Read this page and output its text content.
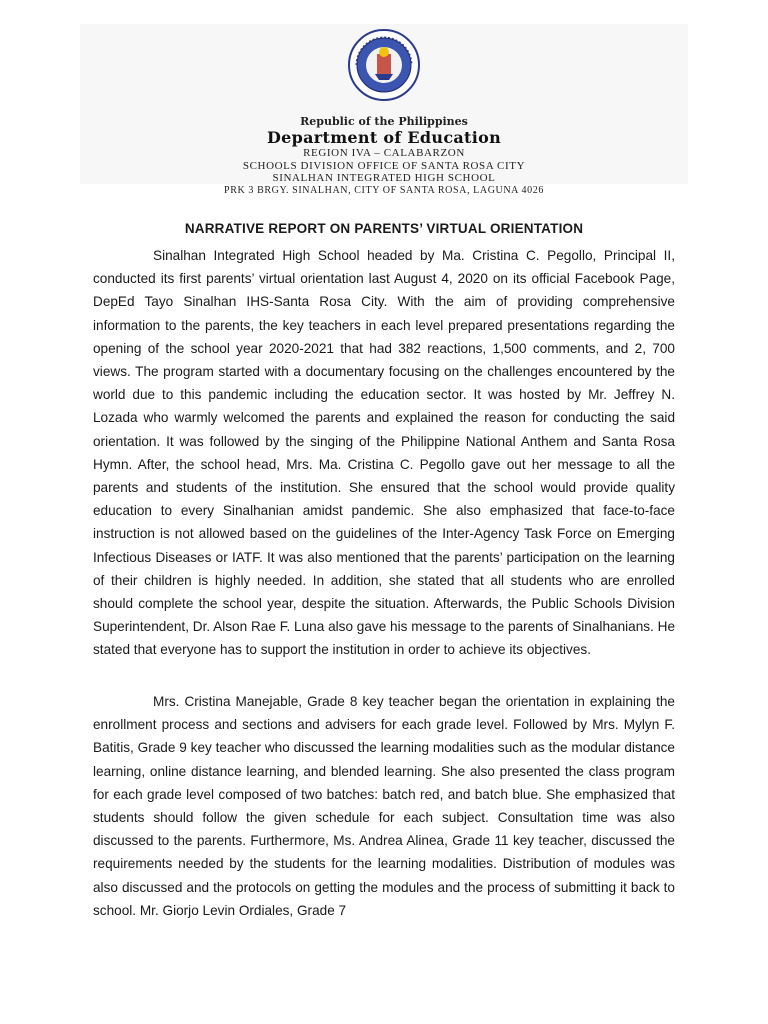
Republic of the Philippines
Department of Education
REGION IVA – CALABARZON
SCHOOLS DIVISION OFFICE OF SANTA ROSA CITY
SINALHAN INTEGRATED HIGH SCHOOL
PRK 3 BRGY. SINALHAN, CITY OF SANTA ROSA, LAGUNA 4026
NARRATIVE REPORT ON PARENTS’ VIRTUAL ORIENTATION

Sinalhan Integrated High School headed by Ma. Cristina C. Pegollo, Principal II, conducted its first parents’ virtual orientation last August 4, 2020 on its official Facebook Page, DepEd Tayo Sinalhan IHS-Santa Rosa City. With the aim of providing comprehensive information to the parents, the key teachers in each level prepared presentations regarding the opening of the school year 2020-2021 that had 382 reactions, 1,500 comments, and 2, 700 views. The program started with a documentary focusing on the challenges encountered by the world due to this pandemic including the education sector. It was hosted by Mr. Jeffrey N. Lozada who warmly welcomed the parents and explained the reason for conducting the said orientation. It was followed by the singing of the Philippine National Anthem and Santa Rosa Hymn. After, the school head, Mrs. Ma. Cristina C. Pegollo gave out her message to all the parents and students of the institution. She ensured that the school would provide quality education to every Sinalhanian amidst pandemic. She also emphasized that face-to-face instruction is not allowed based on the guidelines of the Inter-Agency Task Force on Emerging Infectious Diseases or IATF. It was also mentioned that the parents’ participation on the learning of their children is highly needed. In addition, she stated that all students who are enrolled should complete the school year, despite the situation. Afterwards, the Public Schools Division Superintendent, Dr. Alson Rae F. Luna also gave his message to the parents of Sinalhanians. He stated that everyone has to support the institution in order to achieve its objectives.

Mrs. Cristina Manejable, Grade 8 key teacher began the orientation in explaining the enrollment process and sections and advisers for each grade level. Followed by Mrs. Mylyn F. Batitis, Grade 9 key teacher who discussed the learning modalities such as the modular distance learning, online distance learning, and blended learning. She also presented the class program for each grade level composed of two batches: batch red, and batch blue. She emphasized that students should follow the given schedule for each subject. Consultation time was also discussed to the parents. Furthermore, Ms. Andrea Alinea, Grade 11 key teacher, discussed the requirements needed by the students for the learning modalities. Distribution of modules was also discussed and the protocols on getting the modules and the process of submitting it back to school. Mr. Giorjo Levin Ordiales, Grade 7
